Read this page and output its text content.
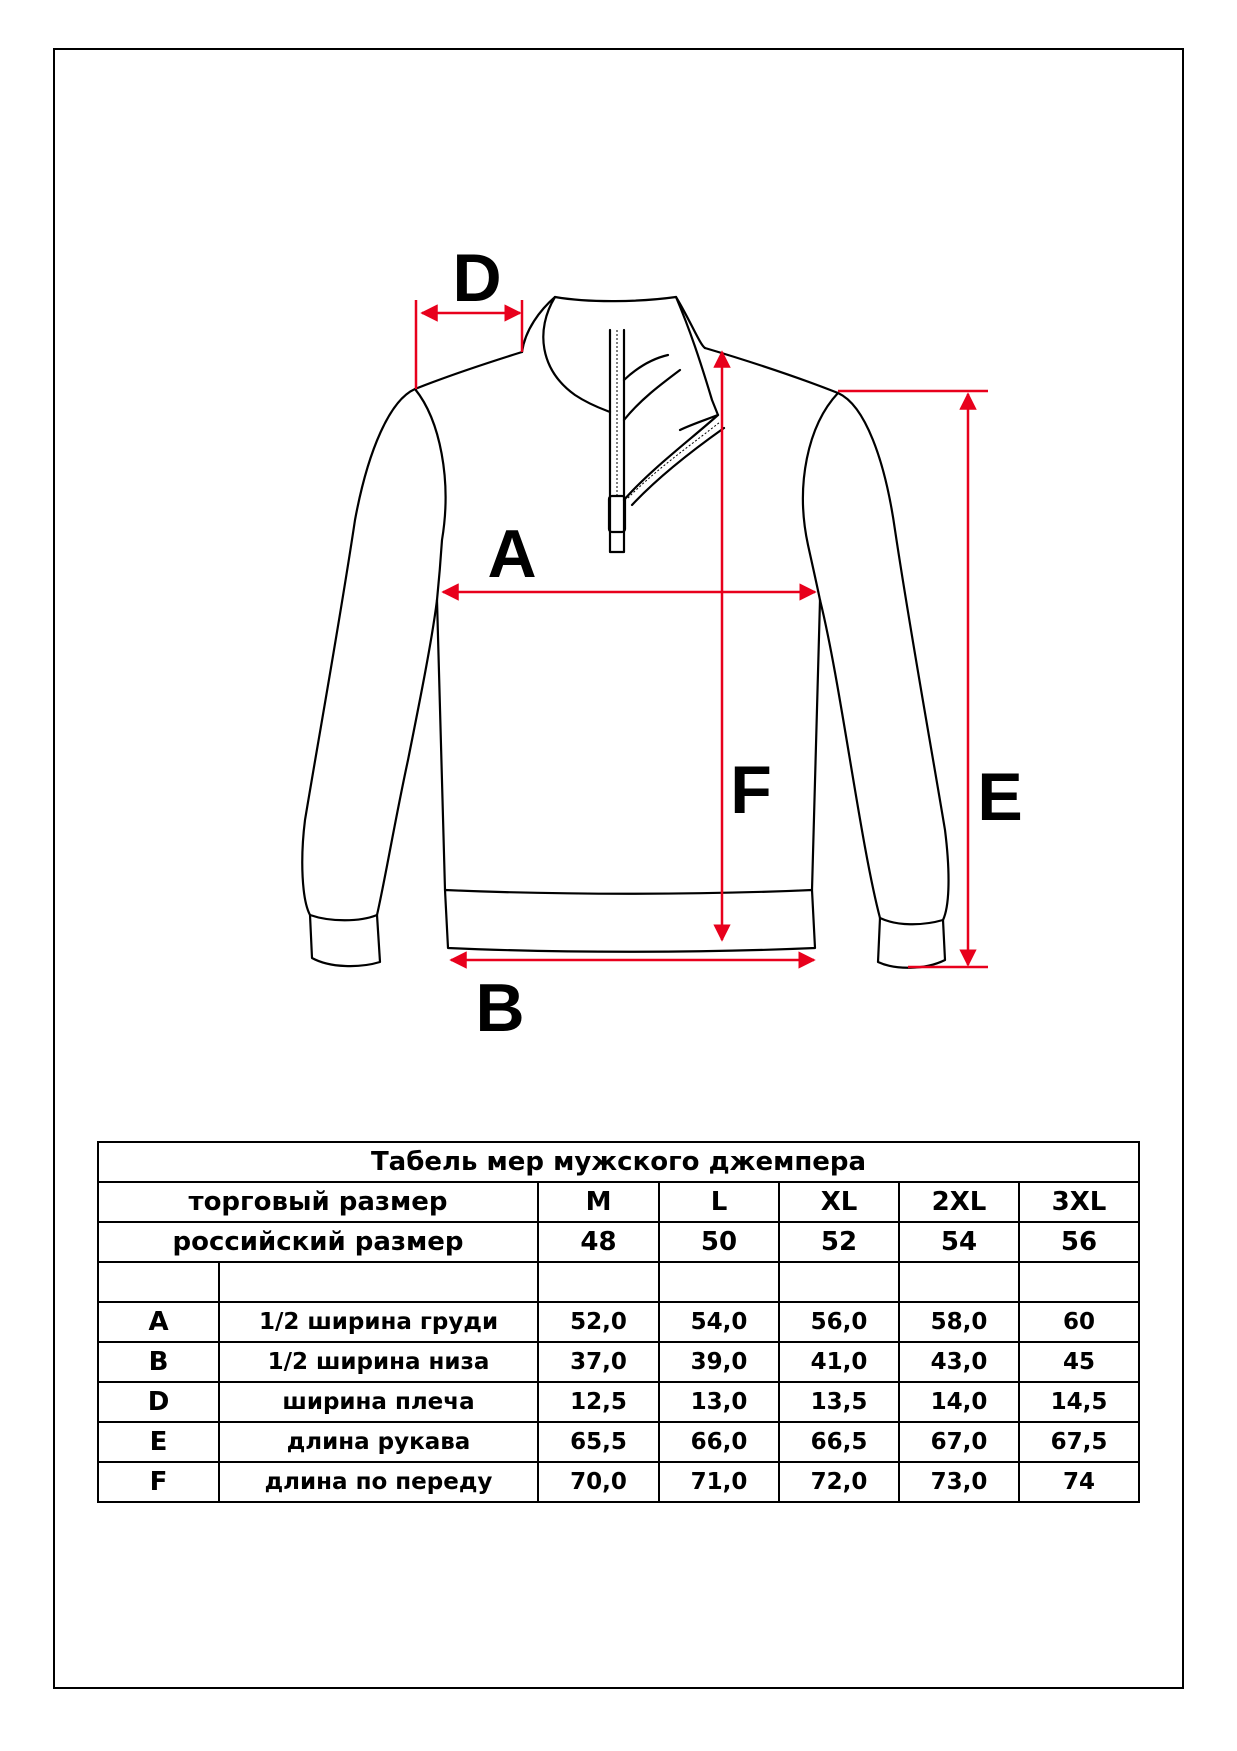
D
A
F	E
B
Табель мер мужского джемпера						
торговый размер		M	L	XL	2XL	3XL
российский размер		48	50	52	54	56

A	1/2 ширина груди	52,0	54,0	56,0	58,0	60
B	1/2 ширина низа	37,0	39,0	41,0	43,0	45
D	ширина плеча	12,5	13,0	13,5	14,0	14,5
E	длина рукава	65,5	66,0	66,5	67,0	67,5
F	длина по переду	70,0	71,0	72,0	73,0	74
